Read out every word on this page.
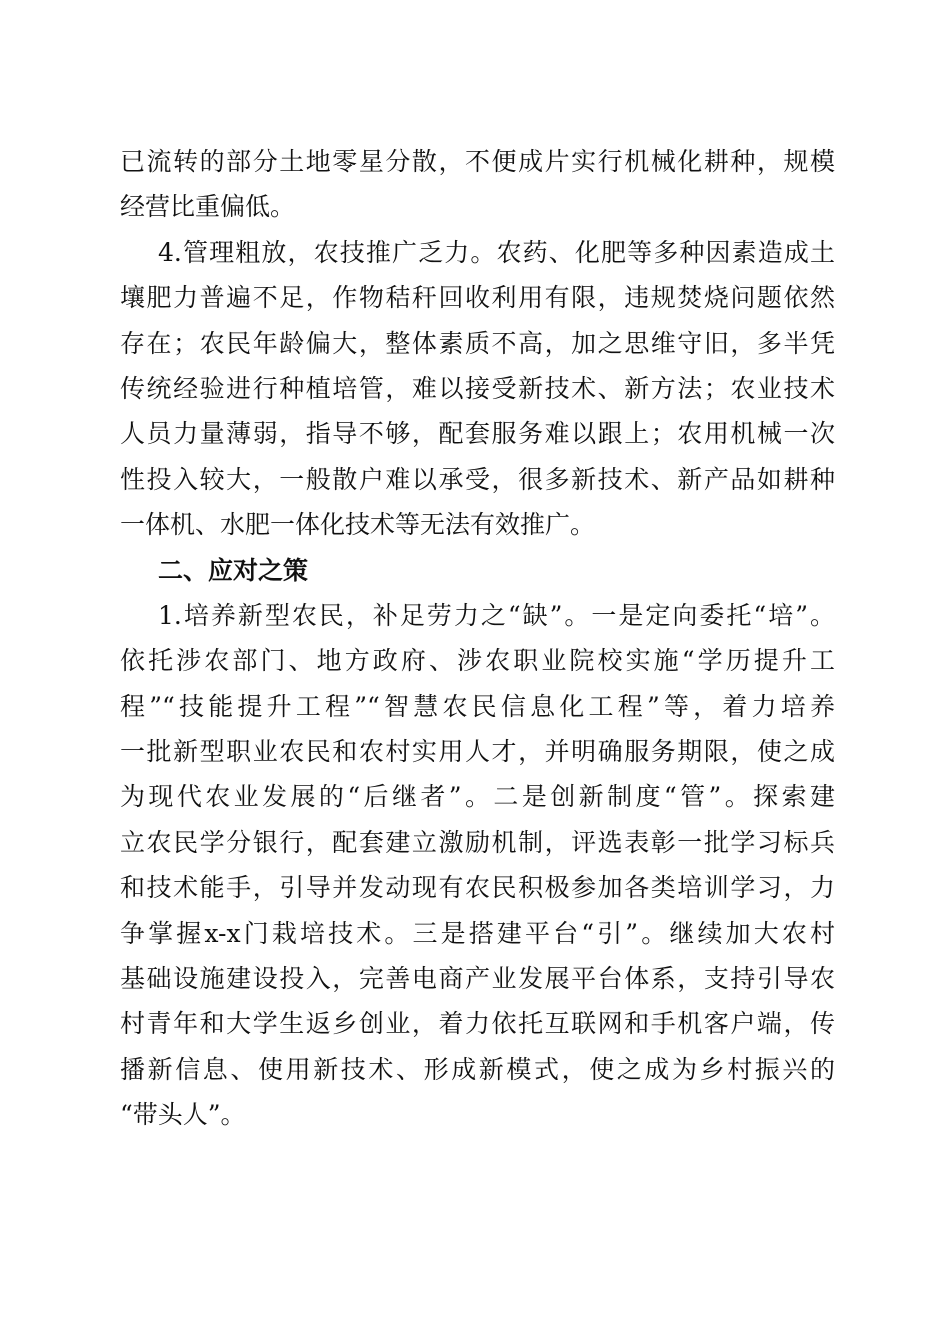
已流转的部分土地零星分散，不便成片实行机械化耕种，规模
经营比重偏低。
4.管理粗放，农技推广乏力。农药、化肥等多种因素造成土
壤肥力普遍不足，作物秸秆回收利用有限，违规焚烧问题依然
存在；农民年龄偏大，整体素质不高，加之思维守旧，多半凭
传统经验进行种植培管，难以接受新技术、新方法；农业技术
人员力量薄弱，指导不够，配套服务难以跟上；农用机械一次
性投入较大，一般散户难以承受，很多新技术、新产品如耕种
一体机、水肥一体化技术等无法有效推广。
二、应对之策
1.培养新型农民，补足劳力之“缺”。一是定向委托“培”。
依托涉农部门、地方政府、涉农职业院校实施“学历提升工
程”“技能提升工程”“智慧农民信息化工程”等，着力培养
一批新型职业农民和农村实用人才，并明确服务期限，使之成
为现代农业发展的“后继者”。二是创新制度“管”。探索建
立农民学分银行，配套建立激励机制，评选表彰一批学习标兵
和技术能手，引导并发动现有农民积极参加各类培训学习，力
争掌握x-x门栽培技术。三是搭建平台“引”。继续加大农村
基础设施建设投入，完善电商产业发展平台体系，支持引导农
村青年和大学生返乡创业，着力依托互联网和手机客户端，传
播新信息、使用新技术、形成新模式，使之成为乡村振兴的
“带头人”。
